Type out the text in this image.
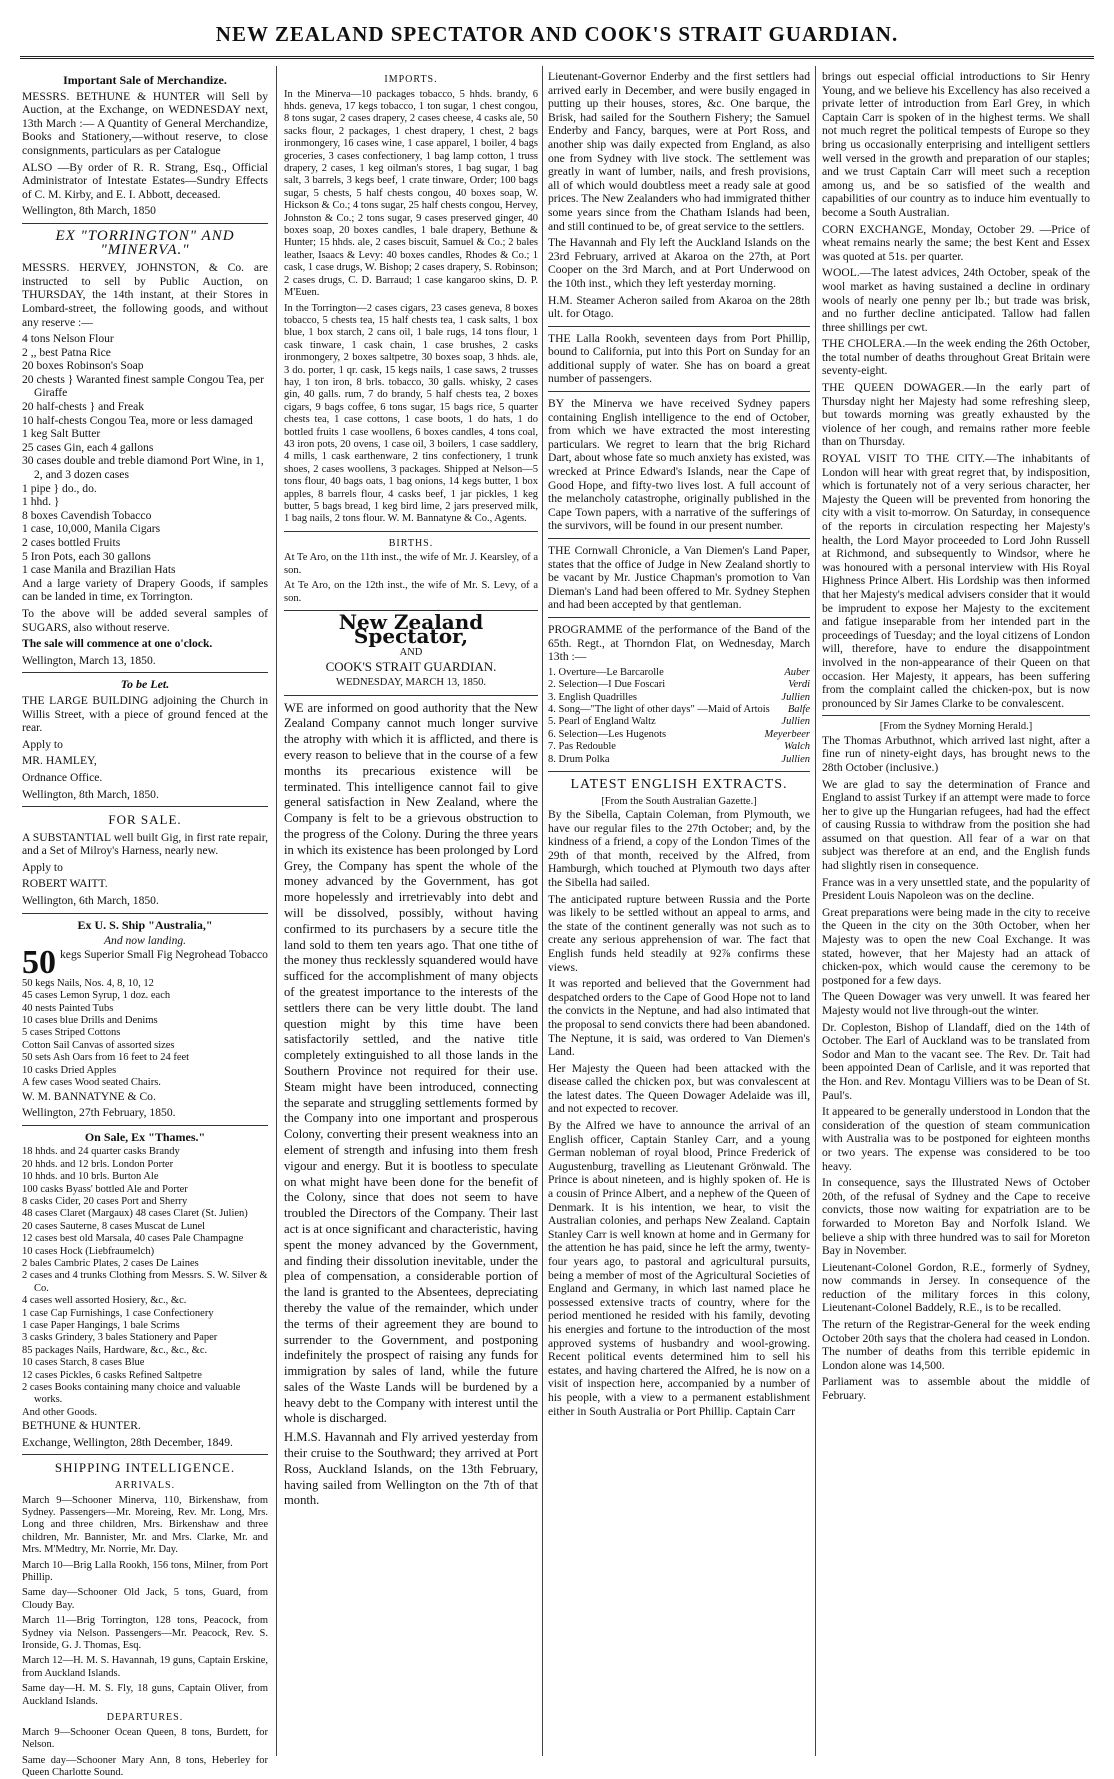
NEW ZEALAND SPECTATOR AND COOK'S STRAIT GUARDIAN.
Important Sale of Merchandize.

MESSRS. BETHUNE & HUNTER will Sell by Auction, at the Exchange, on WEDNESDAY next, 13th March :— A Quantity of General Merchandize, Books and Stationery,—without reserve, to close consignments, particulars as per Catalogue

ALSO —By order of R. R. Strang, Esq., Official Administrator of Intestate Estates—Sundry Effects of C. M. Kirby, and E. I. Abbott, deceased.

Wellington, 8th March, 1850

EX "TORRINGTON" AND "MINERVA."

MESSRS. HERVEY, JOHNSTON, & Co. are instructed to sell by Public Auction, on THURSDAY, the 14th instant, at their Stores in Lombard-street, the following goods, and without any reserve :—

4 tons Nelson Flour
2 ,, best Patna Rice
20 boxes Robinson's Soap
20 chests } Waranted finest sample Congou Tea, per Giraffe
20 half-chests } and Freak
10 half-chests Congou Tea, more or less damaged
1 keg Salt Butter
25 cases Gin, each 4 gallons
30 cases double and treble diamond Port Wine, in 1, 2, and 3 dozen cases
1 pipe } do., do.
1 hhd. }
8 boxes Cavendish Tobacco
1 case, 10,000, Manila Cigars
2 cases bottled Fruits
5 Iron Pots, each 30 gallons
1 case Manila and Brazilian Hats

And a large variety of Drapery Goods, if samples can be landed in time, ex Torrington.

To the above will be added several samples of SUGARS, also without reserve.

The sale will commence at one o'clock.

Wellington, March 13, 1850.

To be Let.

THE LARGE BUILDING adjoining the Church in Willis Street, with a piece of ground fenced at the rear.

Apply to

MR. HAMLEY,

Ordnance Office.

Wellington, 8th March, 1850.

FOR SALE.

A SUBSTANTIAL well built Gig, in first rate repair, and a Set of Milroy's Harness, nearly new.

Apply to

ROBERT WAITT.

Wellington, 6th March, 1850.

Ex U. S. Ship "Australia,"
And now landing.

50 kegs Superior Small Fig Negrohead Tobacco

50 kegs Nails, Nos. 4, 8, 10, 12
45 cases Lemon Syrup, 1 doz. each
40 nests Painted Tubs
10 cases blue Drills and Denims
5 cases Striped Cottons
Cotton Sail Canvas of assorted sizes
50 sets Ash Oars from 16 feet to 24 feet
10 casks Dried Apples
A few cases Wood seated Chairs.

W. M. BANNATYNE & Co.

Wellington, 27th February, 1850.

On Sale, Ex "Thames."
18 hhds. and 24 quarter casks Brandy
20 hhds. and 12 brls. London Porter
10 hhds. and 10 brls. Burton Ale
100 casks Byass' bottled Ale and Porter
8 casks Cider, 20 cases Port and Sherry
48 cases Claret (Margaux) 48 cases Claret (St. Julien)
20 cases Sauterne, 8 cases Muscat de Lunel
12 cases best old Marsala, 40 cases Pale Champagne
10 cases Hock (Liebfraumelch)
2 bales Cambric Plates, 2 cases De Laines
2 cases and 4 trunks Clothing from Messrs. S. W. Silver & Co.
4 cases well assorted Hosiery, &c., &c.
1 case Cap Furnishings, 1 case Confectionery
1 case Paper Hangings, 1 bale Scrims
3 casks Grindery, 3 bales Stationery and Paper
85 packages Nails, Hardware, &c., &c., &c.
10 cases Starch, 8 cases Blue
12 cases Pickles, 6 casks Refined Saltpetre
2 cases Books containing many choice and valuable works.
And other Goods.

BETHUNE & HUNTER.

Exchange, Wellington, 28th December, 1849.

SHIPPING INTELLIGENCE.
ARRIVALS.

March 9—Schooner Minerva, 110, Birkenshaw, from Sydney. Passengers—Mr. Moreing, Rev. Mr. Long, Mrs. Long and three children, Mrs. Birkenshaw and three children, Mr. Bannister, Mr. and Mrs. Clarke, Mr. and Mrs. M'Medtry, Mr. Norrie, Mr. Day.

March 10—Brig Lalla Rookh, 156 tons, Milner, from Port Phillip.

Same day—Schooner Old Jack, 5 tons, Guard, from Cloudy Bay.

March 11—Brig Torrington, 128 tons, Peacock, from Sydney via Nelson. Passengers—Mr. Peacock, Rev. S. Ironside, G. J. Thomas, Esq.

March 12—H. M. S. Havannah, 19 guns, Captain Erskine, from Auckland Islands.

Same day—H. M. S. Fly, 18 guns, Captain Oliver, from Auckland Islands.

DEPARTURES.

March 9—Schooner Ocean Queen, 8 tons, Burdett, for Nelson.

Same day—Schooner Mary Ann, 8 tons, Heberley for Queen Charlotte Sound.

IMPORTS.

In the Minerva—10 packages tobacco, 5 hhds. brandy, 6 hhds. geneva, 17 kegs tobacco, 1 ton sugar, 1 chest congou, 8 tons sugar, 2 cases drapery, 2 cases cheese, 4 casks ale, 50 sacks flour, 2 packages, 1 chest drapery, 1 chest, 2 bags ironmongery, 16 cases wine, 1 case apparel, 1 boiler, 4 bags groceries, 3 cases confectionery, 1 bag lamp cotton, 1 truss drapery, 2 cases, 1 keg oilman's stores, 1 bag sugar, 1 bag salt, 3 barrels, 3 kegs beef, 1 crate tinware, Order; 100 bags sugar, 5 chests, 5 half chests congou, 40 boxes soap, W. Hickson & Co.; 4 tons sugar, 25 half chests congou, Hervey, Johnston & Co.; 2 tons sugar, 9 cases preserved ginger, 40 boxes soap, 20 boxes candles, 1 bale drapery, Bethune & Hunter; 15 hhds. ale, 2 cases biscuit, Samuel & Co.; 2 bales leather, Isaacs & Levy: 40 boxes candles, Rhodes & Co.; 1 cask, 1 case drugs, W. Bishop; 2 cases drapery, S. Robinson; 2 cases drugs, C. D. Barraud; 1 case kangaroo skins, D. P. M'Euen.

In the Torrington—2 cases cigars, 23 cases geneva, 8 boxes tobacco, 5 chests tea, 15 half chests tea, 1 cask salts, 1 box blue, 1 box starch, 2 cans oil, 1 bale rugs, 14 tons flour, 1 cask tinware, 1 cask chain, 1 case brushes, 2 casks ironmongery, 2 boxes saltpetre, 30 boxes soap, 3 hhds. ale, 3 do. porter, 1 qr. cask, 15 kegs nails, 1 case saws, 2 trusses hay, 1 ton iron, 8 brls. tobacco, 30 galls. whisky, 2 cases gin, 40 galls. rum, 7 do brandy, 5 half chests tea, 2 boxes cigars, 9 bags coffee, 6 tons sugar, 15 bags rice, 5 quarter chests tea, 1 case cottons, 1 case boots, 1 do hats, 1 do bottled fruits 1 case woollens, 6 boxes candles, 4 tons coal, 43 iron pots, 20 ovens, 1 case oil, 3 boilers, 1 case saddlery, 4 mills, 1 cask earthenware, 2 tins confectionery, 1 trunk shoes, 2 cases woollens, 3 packages. Shipped at Nelson—5 tons flour, 40 bags oats, 1 bag onions, 14 kegs butter, 1 box apples, 8 barrels flour, 4 casks beef, 1 jar pickles, 1 keg butter, 5 bags bread, 1 keg bird lime, 2 jars preserved milk, 1 bag nails, 2 tons flour. W. M. Bannatyne & Co., Agents.

BIRTHS.

At Te Aro, on the 11th inst., the wife of Mr. J. Kearsley, of a son.

At Te Aro, on the 12th inst., the wife of Mr. S. Levy, of a son.

New Zealand Spectator,
AND
COOK'S STRAIT GUARDIAN.
WEDNESDAY, MARCH 13, 1850.

WE are informed on good authority that the New Zealand Company cannot much longer survive the atrophy with which it is afflicted, and there is every reason to believe that in the course of a few months its precarious existence will be terminated. This intelligence cannot fail to give general satisfaction in New Zealand, where the Company is felt to be a grievous obstruction to the progress of the Colony. During the three years in which its existence has been prolonged by Lord Grey, the Company has spent the whole of the money advanced by the Government, has got more hopelessly and irretrievably into debt and will be dissolved, possibly, without having confirmed to its purchasers by a secure title the land sold to them ten years ago. That one tithe of the money thus recklessly squandered would have sufficed for the accomplishment of many objects of the greatest importance to the interests of the settlers there can be very little doubt. The land question might by this time have been satisfactorily settled, and the native title completely extinguished to all those lands in the Southern Province not required for their use. Steam might have been introduced, connecting the separate and struggling settlements formed by the Company into one important and prosperous Colony, converting their present weakness into an element of strength and infusing into them fresh vigour and energy. But it is bootless to speculate on what might have been done for the benefit of the Colony, since that does not seem to have troubled the Directors of the Company. Their last act is at once significant and characteristic, having spent the money advanced by the Government, and finding their dissolution inevitable, under the plea of compensation, a considerable portion of the land is granted to the Absentees, depreciating thereby the value of the remainder, which under the terms of their agreement they are bound to surrender to the Government, and postponing indefinitely the prospect of raising any funds for immigration by sales of land, while the future sales of the Waste Lands will be burdened by a heavy debt to the Company with interest until the whole is discharged.

H.M.S. Havannah and Fly arrived yesterday from their cruise to the Southward; they arrived at Port Ross, Auckland Islands, on the 13th February, having sailed from Wellington on the 7th of that month.

Lieutenant-Governor Enderby and the first settlers had arrived early in December, and were busily engaged in putting up their houses, stores, &c. One barque, the Brisk, had sailed for the Southern Fishery; the Samuel Enderby and Fancy, barques, were at Port Ross, and another ship was daily expected from England, as also one from Sydney with live stock. The settlement was greatly in want of lumber, nails, and fresh provisions, all of which would doubtless meet a ready sale at good prices. The New Zealanders who had immigrated thither some years since from the Chatham Islands had been, and still continued to be, of great service to the settlers.

The Havannah and Fly left the Auckland Islands on the 23rd February, arrived at Akaroa on the 27th, at Port Cooper on the 3rd March, and at Port Underwood on the 10th inst., which they left yesterday morning.

H.M. Steamer Acheron sailed from Akaroa on the 28th ult. for Otago.

THE Lalla Rookh, seventeen days from Port Phillip, bound to California, put into this Port on Sunday for an additional supply of water. She has on board a great number of passengers.

BY the Minerva we have received Sydney papers containing English intelligence to the end of October, from which we have extracted the most interesting particulars. We regret to learn that the brig Richard Dart, about whose fate so much anxiety has existed, was wrecked at Prince Edward's Islands, near the Cape of Good Hope, and fifty-two lives lost. A full account of the melancholy catastrophe, originally published in the Cape Town papers, with a narrative of the sufferings of the survivors, will be found in our present number.

THE Cornwall Chronicle, a Van Diemen's Land Paper, states that the office of Judge in New Zealand shortly to be vacant by Mr. Justice Chapman's promotion to Van Dieman's Land had been offered to Mr. Sydney Stephen and had been accepted by that gentleman.

PROGRAMME of the performance of the Band of the 65th. Regt., at Thorndon Flat, on Wednesday, March 13th :—

1. Overture—Le Barcarolle	Auber
2. Selection—I Due Foscari	Verdi
3. English Quadrilles	Jullien
4. Song—"The light of other days" —Maid of Artois Balfe
5. Pearl of England Waltz	Jullien
6. Selection—Les Hugenots	Meyerbeer
7. Pas Redouble	Walch
8. Drum Polka	Jullien
LATEST ENGLISH EXTRACTS.
[From the South Australian Gazette.]

By the Sibella, Captain Coleman, from Plymouth, we have our regular files to the 27th October; and, by the kindness of a friend, a copy of the London Times of the 29th of that month, received by the Alfred, from Hamburgh, which touched at Plymouth two days after the Sibella had sailed.

The anticipated rupture between Russia and the Porte was likely to be settled without an appeal to arms, and the state of the continent generally was not such as to create any serious apprehension of war. The fact that English funds held steadily at 92⅞ confirms these views.

It was reported and believed that the Government had despatched orders to the Cape of Good Hope not to land the convicts in the Neptune, and had also intimated that the proposal to send convicts there had been abandoned. The Neptune, it is said, was ordered to Van Diemen's Land.

Her Majesty the Queen had been attacked with the disease called the chicken pox, but was convalescent at the latest dates. The Queen Dowager Adelaide was ill, and not expected to recover.

By the Alfred we have to announce the arrival of an English officer, Captain Stanley Carr, and a young German nobleman of royal blood, Prince Frederick of Augustenburg, travelling as Lieutenant Grönwald. The Prince is about nineteen, and is highly spoken of. He is a cousin of Prince Albert, and a nephew of the Queen of Denmark. It is his intention, we hear, to visit the Australian colonies, and perhaps New Zealand. Captain Stanley Carr is well known at home and in Germany for the attention he has paid, since he left the army, twenty-four years ago, to pastoral and agricultural pursuits, being a member of most of the Agricultural Societies of England and Germany, in which last named place he possessed extensive tracts of country, where for the period mentioned he resided with his family, devoting his energies and fortune to the introduction of the most approved systems of husbandry and wool-growing. Recent political events determined him to sell his estates, and having chartered the Alfred, he is now on a visit of inspection here, accompanied by a number of his people, with a view to a permanent establishment either in South Australia or Port Phillip. Captain Carr

brings out especial official introductions to Sir Henry Young, and we believe his Excellency has also received a private letter of introduction from Earl Grey, in which Captain Carr is spoken of in the highest terms. We shall not much regret the political tempests of Europe so they bring us occasionally enterprising and intelligent settlers well versed in the growth and preparation of our staples; and we trust Captain Carr will meet such a reception among us, and be so satisfied of the wealth and capabilities of our country as to induce him eventually to become a South Australian.

CORN EXCHANGE, Monday, October 29. —Price of wheat remains nearly the same; the best Kent and Essex was quoted at 51s. per quarter.

WOOL.—The latest advices, 24th October, speak of the wool market as having sustained a decline in ordinary wools of nearly one penny per lb.; but trade was brisk, and no further decline anticipated. Tallow had fallen three shillings per cwt.

THE CHOLERA.—In the week ending the 26th October, the total number of deaths throughout Great Britain were seventy-eight.

THE QUEEN DOWAGER.—In the early part of Thursday night her Majesty had some refreshing sleep, but towards morning was greatly exhausted by the violence of her cough, and remains rather more feeble than on Thursday.

ROYAL VISIT TO THE CITY.—The inhabitants of London will hear with great regret that, by indisposition, which is fortunately not of a very serious character, her Majesty the Queen will be prevented from honoring the city with a visit to-morrow. On Saturday, in consequence of the reports in circulation respecting her Majesty's health, the Lord Mayor proceeded to Lord John Russell at Richmond, and subsequently to Windsor, where he was honoured with a personal interview with His Royal Highness Prince Albert. His Lordship was then informed that her Majesty's medical advisers consider that it would be imprudent to expose her Majesty to the excitement and fatigue inseparable from her intended part in the proceedings of Tuesday; and the loyal citizens of London will, therefore, have to endure the disappointment involved in the non-appearance of their Queen on that occasion. Her Majesty, it appears, has been suffering from the complaint called the chicken-pox, but is now pronounced by Sir James Clarke to be convalescent.

[From the Sydney Morning Herald.]

The Thomas Arbuthnot, which arrived last night, after a fine run of ninety-eight days, has brought news to the 28th October (inclusive.)

We are glad to say the determination of France and England to assist Turkey if an attempt were made to force her to give up the Hungarian refugees, had had the effect of causing Russia to withdraw from the position she had assumed on that question. All fear of a war on that subject was therefore at an end, and the English funds had slightly risen in consequence.

France was in a very unsettled state, and the popularity of President Louis Napoleon was on the decline.

Great preparations were being made in the city to receive the Queen in the city on the 30th October, when her Majesty was to open the new Coal Exchange. It was stated, however, that her Majesty had an attack of chicken-pox, which would cause the ceremony to be postponed for a few days.

The Queen Dowager was very unwell. It was feared her Majesty would not live through-out the winter.

Dr. Copleston, Bishop of Llandaff, died on the 14th of October. The Earl of Auckland was to be translated from Sodor and Man to the vacant see. The Rev. Dr. Tait had been appointed Dean of Carlisle, and it was reported that the Hon. and Rev. Montagu Villiers was to be Dean of St. Paul's.

It appeared to be generally understood in London that the consideration of the question of steam communication with Australia was to be postponed for eighteen months or two years. The expense was considered to be too heavy.

In consequence, says the Illustrated News of October 20th, of the refusal of Sydney and the Cape to receive convicts, those now waiting for expatriation are to be forwarded to Moreton Bay and Norfolk Island. We believe a ship with three hundred was to sail for Moreton Bay in November.

Lieutenant-Colonel Gordon, R.E., formerly of Sydney, now commands in Jersey. In consequence of the reduction of the military forces in this colony, Lieutenant-Colonel Baddely, R.E., is to be recalled.

The return of the Registrar-General for the week ending October 20th says that the cholera had ceased in London. The number of deaths from this terrible epidemic in London alone was 14,500.

Parliament was to assemble about the middle of February.
